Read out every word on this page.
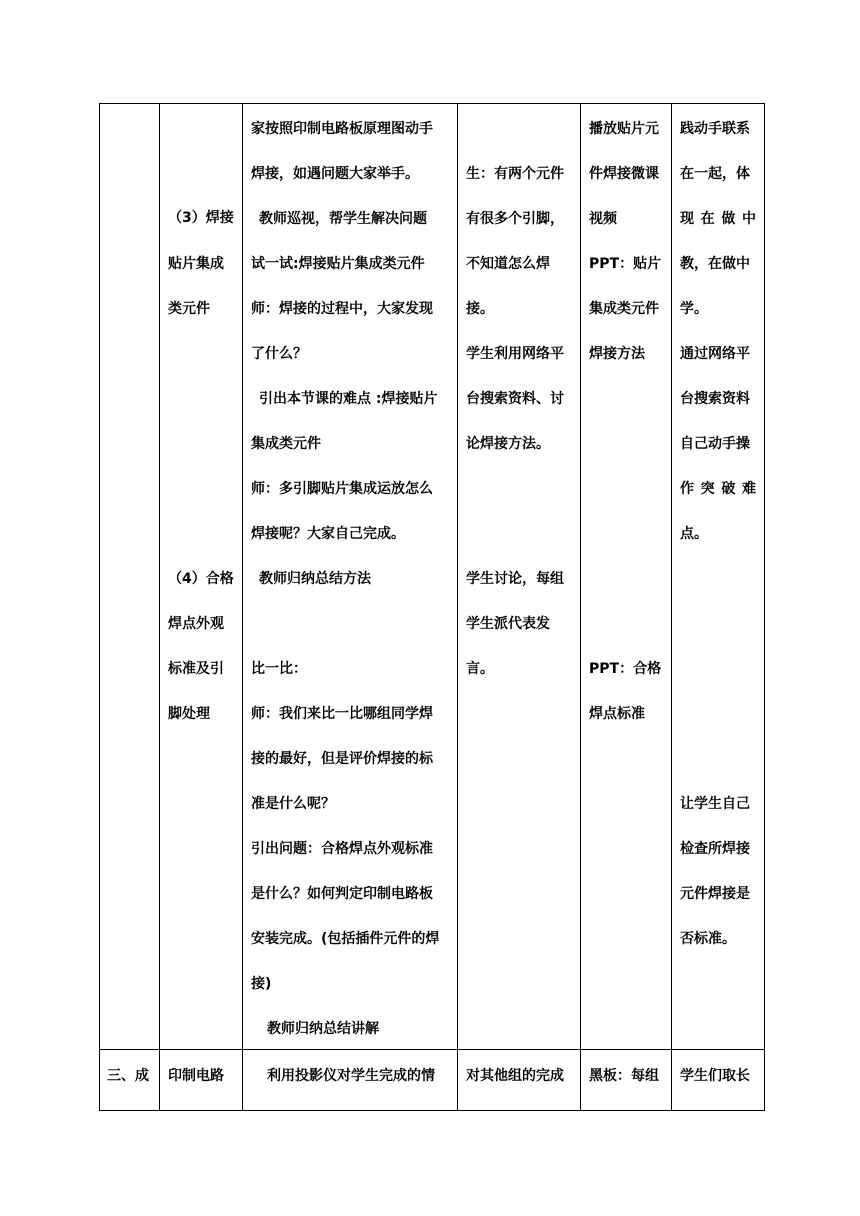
（3）焊接
贴片集成
类元件
（4）合格
焊点外观
标准及引
脚处理
家按照印制电路板原理图动手
焊接，如遇问题大家举手。
教师巡视，帮学生解决问题
试一试:焊接贴片集成类元件
师：焊接的过程中，大家发现
了什么？
引出本节课的难点 :焊接贴片
集成类元件
师：多引脚贴片集成运放怎么
焊接呢？大家自己完成。
教师归纳总结方法
比一比：
师：我们来比一比哪组同学焊
接的最好，但是评价焊接的标
准是什么呢？
引出问题：合格焊点外观标准
是什么？如何判定印制电路板
安装完成。(包括插件元件的焊
接)
教师归纳总结讲解
生：有两个元件
有很多个引脚，
不知道怎么焊
接。
学生利用网络平
台搜索资料、讨
论焊接方法。
学生讨论，每组
学生派代表发
言。
播放贴片元
件焊接微课
视频
PPT：贴片
集成类元件
焊接方法
PPT：合格
焊点标准
践动手联系
在一起，体
现 在 做 中
教，在做中
学。
通过网络平
台搜索资料
自己动手操
作 突 破 难
点。
让学生自己
检查所焊接
元件焊接是
否标准。
三、成 印制电路	利用投影仪对学生完成的情 对其他组的完成 黑板：每组 学生们取长
